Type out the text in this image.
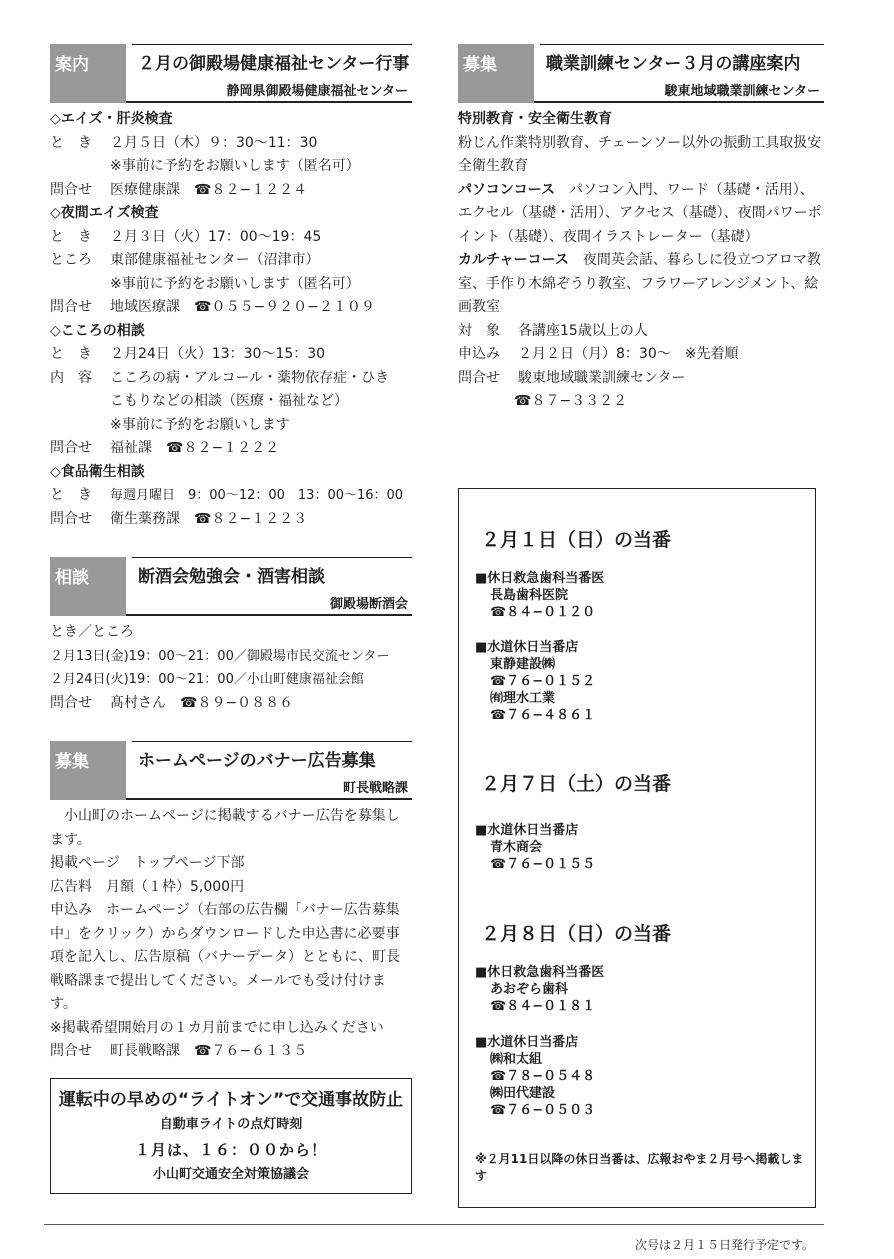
案内	２月の御殿場健康福祉センター行事
静岡県御殿場健康福祉センター
◇エイズ・肝炎検査
と　き ２月５日（木）９：30〜11：30
※事前に予約をお願いします（匿名可）
問合せ 医療健康課　☎８２−１２２４
◇夜間エイズ検査
と　き ２月３日（火）17：00〜19：45
ところ 東部健康福祉センター（沼津市）
※事前に予約をお願いします（匿名可）
問合せ 地域医療課　☎０５５−９２０−２１０９
◇こころの相談
と　き ２月24日（火）13：30〜15：30
内　容 こころの病・アルコール・薬物依存症・ひき
こもりなどの相談（医療・福祉など）
※事前に予約をお願いします
問合せ 福祉課　☎８２−１２２２
◇食品衛生相談
と　き 毎週月曜日　9：00〜12：00　13：00〜16：00
問合せ 衛生薬務課　☎８２−１２２３
相談	断酒会勉強会・酒害相談
御殿場断酒会
とき／ところ
２月13日(金)19：00〜21：00／御殿場市民交流センター
２月24日(火)19：00〜21：00／小山町健康福祉会館
問合せ 髙村さん　☎８９−０８８６
募集	ホームページのバナー広告募集
町長戦略課
　小山町のホームページに掲載するバナー広告を募集します。
掲載ページ　 トップページ下部
広告料　 月額（１枠）5,000円
申込み　 ホームページ（右部の広告欄「バナー広告募集中」をクリック）からダウンロードした申込書に必要事項を記入し、広告原稿（バナーデータ）とともに、町長戦略課まで提出してください。メールでも受け付けます。
※掲載希望開始月の１カ月前までに申し込みください
問合せ 町長戦略課　☎７６−６１３５
運転中の早めの“ライトオン”で交通事故防止
自動車ライトの点灯時刻
１月は、１６：００から！
小山町交通安全対策協議会
募集	職業訓練センター３月の講座案内
駿東地域職業訓練センター
特別教育・安全衛生教育
粉じん作業特別教育、チェーンソー以外の振動工具取扱安全衛生教育
パソコンコース　パソコン入門、ワード（基礎・活用）、エクセル（基礎・活用）、アクセス（基礎）、夜間パワーポイント（基礎）、夜間イラストレーター（基礎）
カルチャーコース　夜間英会話、暮らしに役立つアロマ教室、手作り木綿ぞうり教室、フラワーアレンジメント、絵画教室
対　象 各講座15歳以上の人
申込み ２月２日（月）8：30〜　※先着順
問合せ 駿東地域職業訓練センター
☎８７−３３２２
２月１日（日）の当番
■休日救急歯科当番医
長島歯科医院
☎８４−０１２０
■水道休日当番店
東静建設㈱
☎７６−０１５２
㈲理水工業
☎７６−４８６１
２月７日（土）の当番
■水道休日当番店
青木商会
☎７６−０１５５
２月８日（日）の当番
■休日救急歯科当番医
あおぞら歯科
☎８４−０１８１
■水道休日当番店
㈱和太組
☎７８−０５４８
㈱田代建設
☎７６−０５０３
※２月11日以降の休日当番は、広報おやま２月号へ掲載します
次号は２月１５日発行予定です。
